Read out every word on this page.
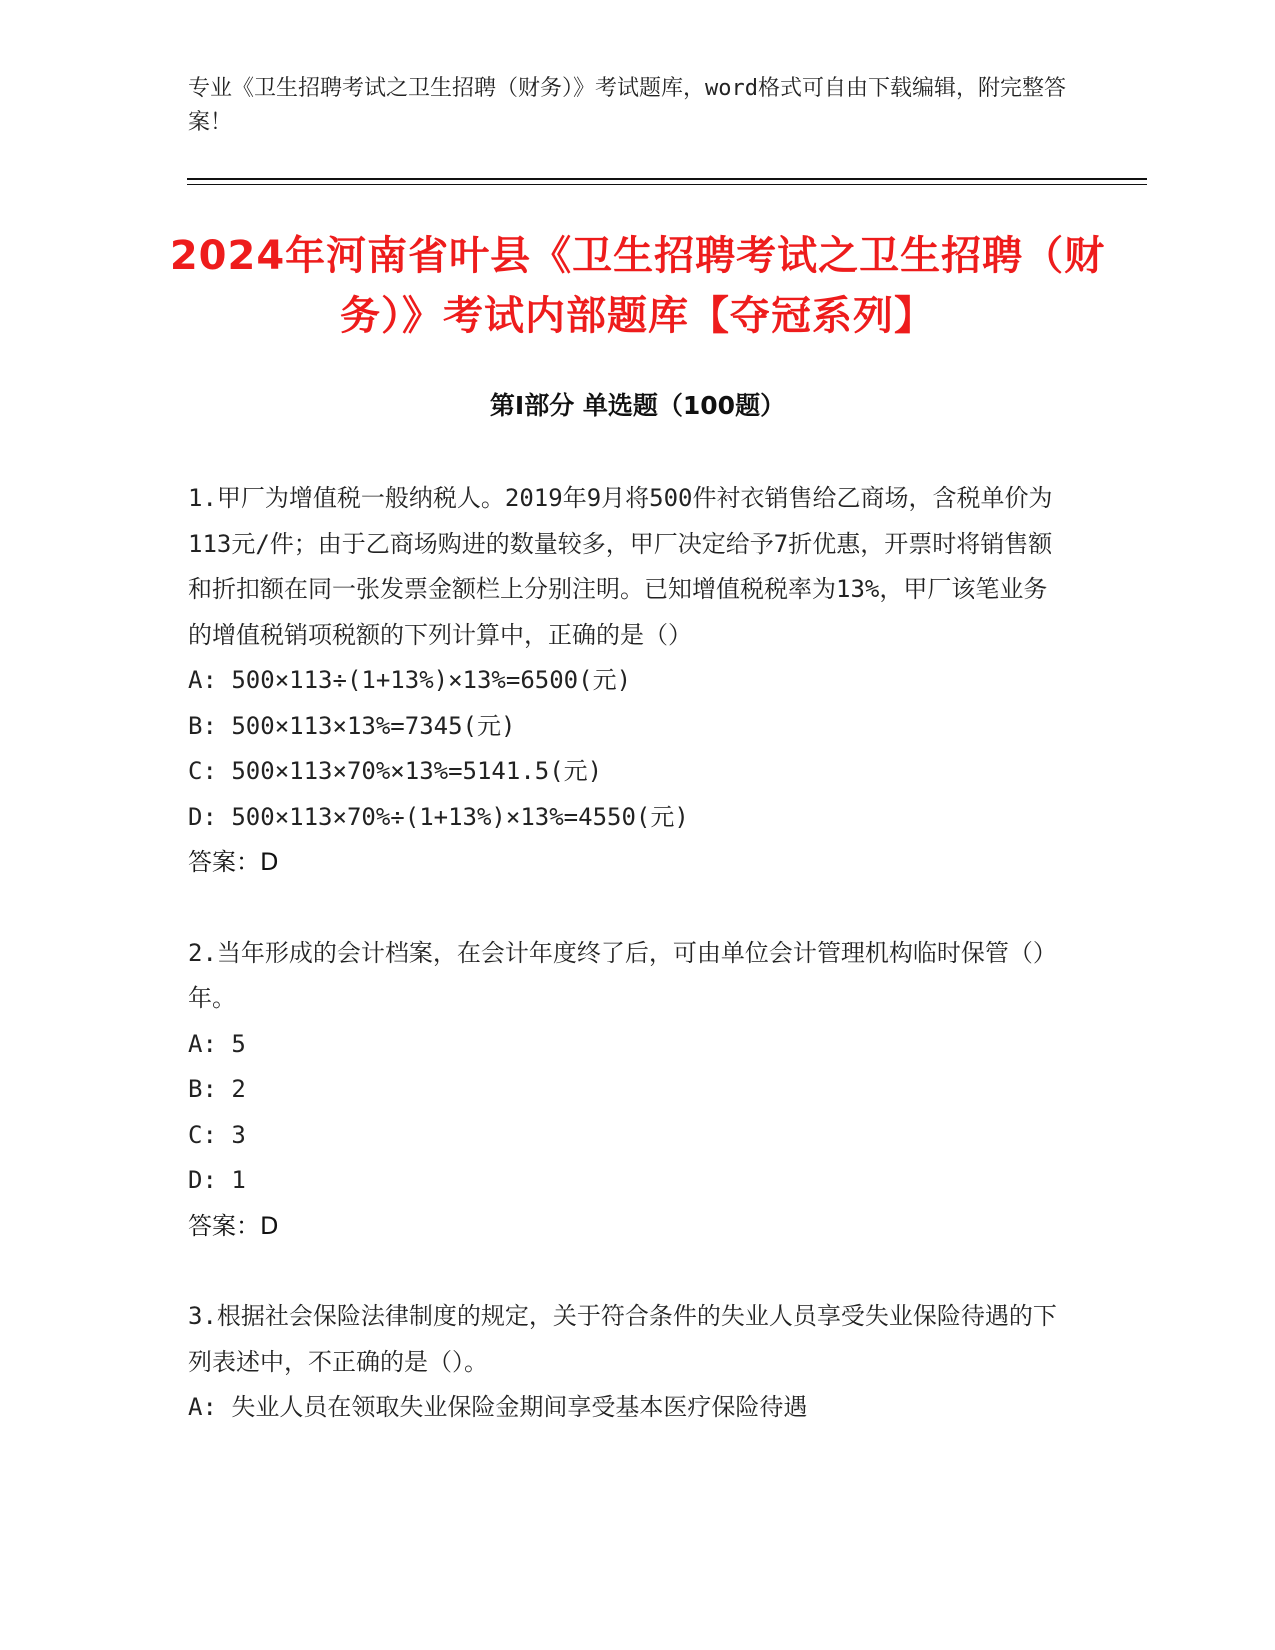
专业《卫生招聘考试之卫生招聘（财务）》考试题库，word格式可自由下载编辑，附完整答案！
2024年河南省叶县《卫生招聘考试之卫生招聘（财务）》考试内部题库【夺冠系列】
第I部分 单选题（100题）

1.甲厂为增值税一般纳税人。2019年9月将500件衬衣销售给乙商场，含税单价为113元/件；由于乙商场购进的数量较多，甲厂决定给予7折优惠，开票时将销售额和折扣额在同一张发票金额栏上分别注明。已知增值税税率为13%，甲厂该笔业务的增值税销项税额的下列计算中，正确的是（）

A: 500×113÷(1+13%)×13%=6500(元)

B: 500×113×13%=7345(元)

C: 500×113×70%×13%=5141.5(元)

D: 500×113×70%÷(1+13%)×13%=4550(元)

答案：D

2.当年形成的会计档案，在会计年度终了后，可由单位会计管理机构临时保管（）年。

A: 5

B: 2

C: 3

D: 1

答案：D

3.根据社会保险法律制度的规定，关于符合条件的失业人员享受失业保险待遇的下列表述中，不正确的是（）。

A: 失业人员在领取失业保险金期间享受基本医疗保险待遇
